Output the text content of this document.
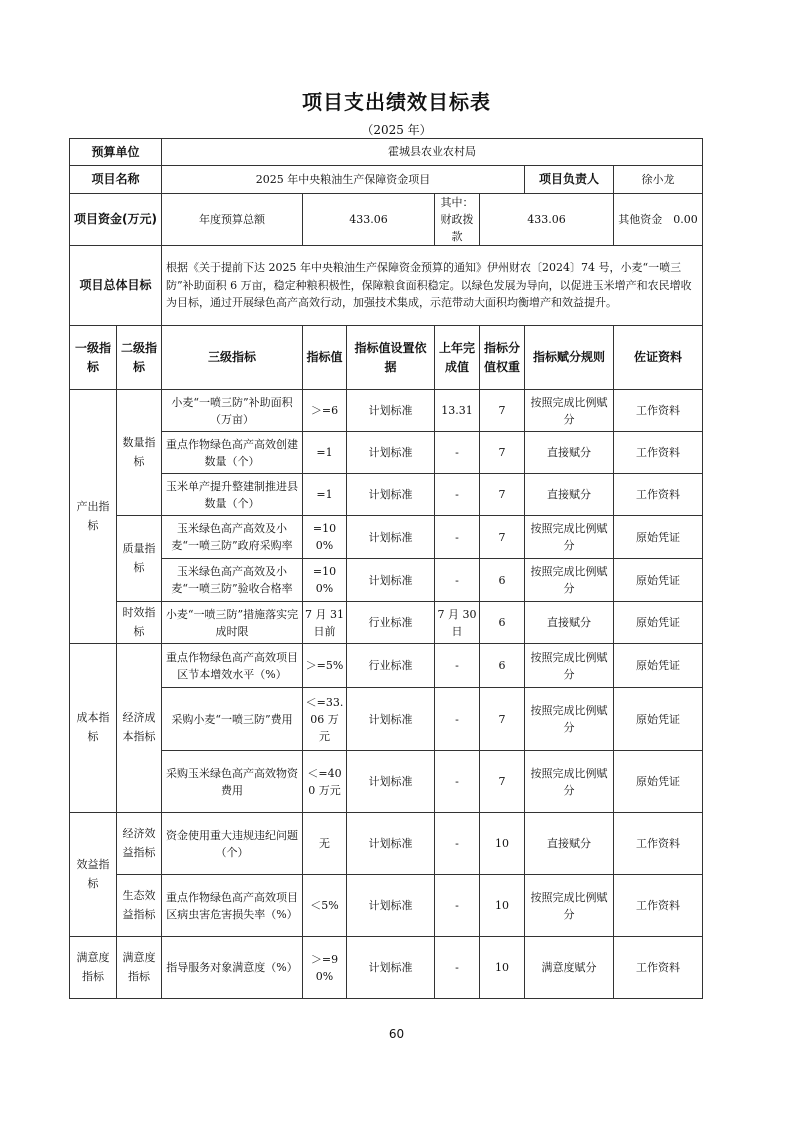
项目支出绩效目标表
（2025 年）
预算单位		霍城县农业农村局						
项目名称		2025 年中央粮油生产保障资金项目					项目负责人	徐小龙
项目资金(万元)		年度预算总额	433.06		其中：财政拨款	433.06		其他资金　 0.00
项目总体目标		根据《关于提前下达 2025 年中央粮油生产保障资金预算的通知》伊州财农〔2024〕74 号，小麦“一喷三防”补助面积 6 万亩，稳定种粮积极性，保障粮食面积稳定。以绿色发展为导向，以促进玉米增产和农民增收为目标，通过开展绿色高产高效行动，加强技术集成，示范带动大面积均衡增产和效益提升。						
一级指标	二级指标	三级指标	指标值	指标值设置依据	上年完成值	指标分值权重	指标赋分规则	佐证资料
产出指标	数量指标	小麦“一喷三防”补助面积（万亩）	＞=6	计划标准	13.31	7	按照完成比例赋分	工作资料
		重点作物绿色高产高效创建数量（个）	=1	计划标准	-	7	直接赋分	工作资料
		玉米单产提升整建制推进县数量（个）	=1	计划标准	-	7	直接赋分	工作资料
	质量指标	玉米绿色高产高效及小麦“一喷三防”政府采购率	=100%	计划标准	-	7	按照完成比例赋分	原始凭证
		玉米绿色高产高效及小麦“一喷三防”验收合格率	=100%	计划标准	-	6	按照完成比例赋分	原始凭证
	时效指标	小麦“一喷三防”措施落实完成时限	7 月 31 日前	行业标准	7 月 30 日	6	直接赋分	原始凭证
成本指标	经济成本指标	重点作物绿色高产高效项目区节本增效水平（%）	＞=5%	行业标准	-	6	按照完成比例赋分	原始凭证
		采购小麦“一喷三防”费用	＜=33.06 万元	计划标准	-	7	按照完成比例赋分	原始凭证
		采购玉米绿色高产高效物资费用	＜=400 万元	计划标准	-	7	按照完成比例赋分	原始凭证
效益指标	经济效益指标	资金使用重大违规违纪问题（个）	无	计划标准	-	10	直接赋分	工作资料
	生态效益指标	重点作物绿色高产高效项目区病虫害危害损失率（%）	＜5%	计划标准	-	10	按照完成比例赋分	工作资料
满意度指标	满意度指标	指导服务对象满意度（%）	＞=90%	计划标准	-	10	满意度赋分	工作资料
60
